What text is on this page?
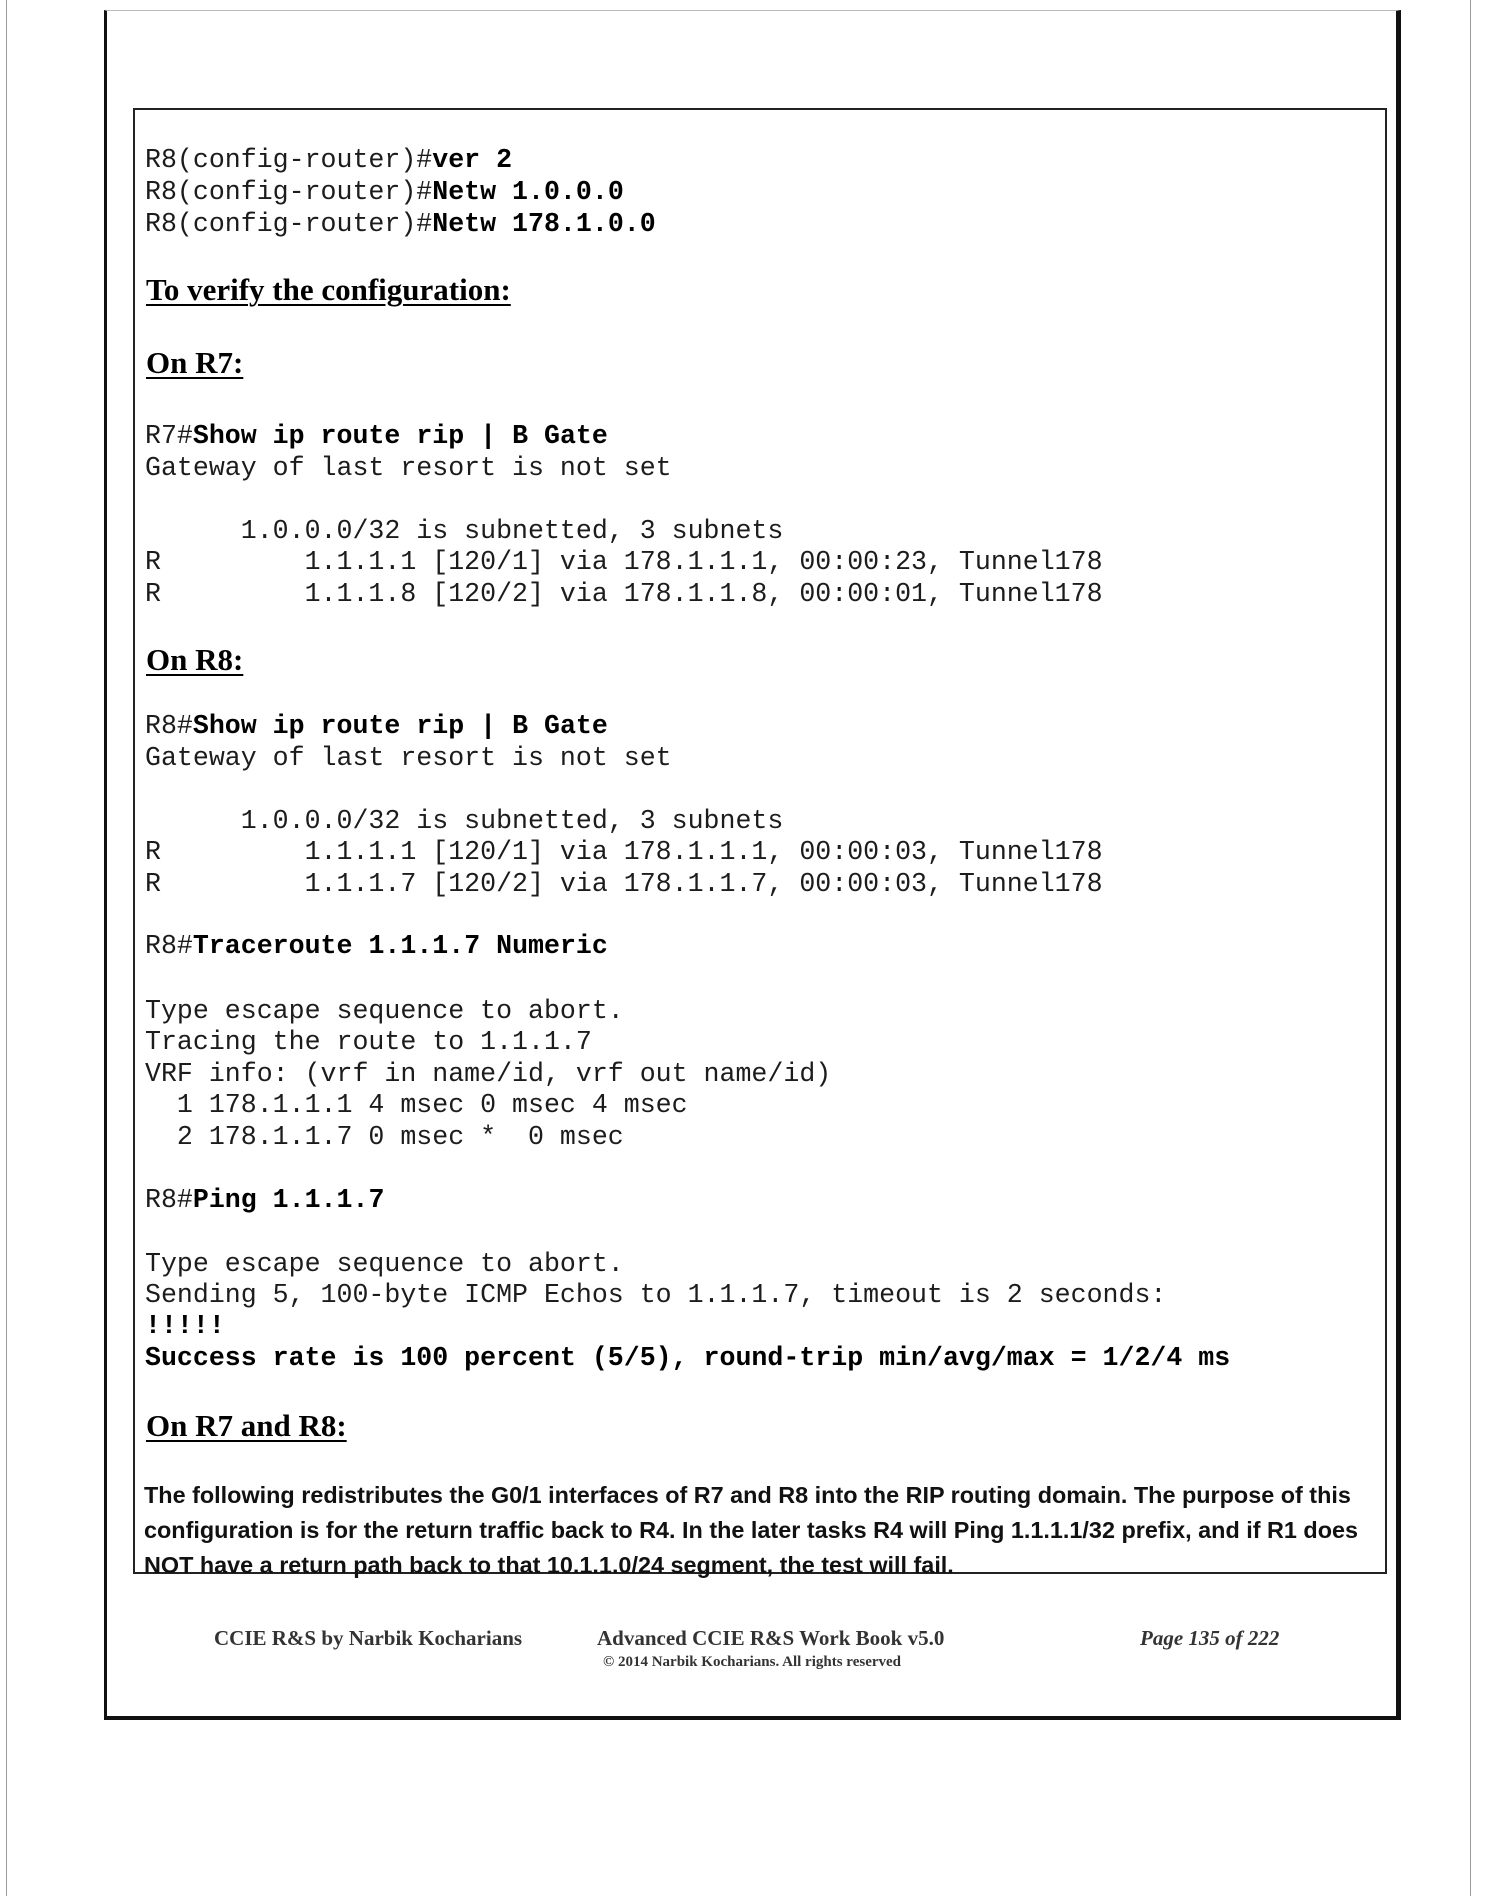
R8(config-router)#ver 2
R8(config-router)#Netw 1.0.0.0
R8(config-router)#Netw 178.1.0.0
To verify the configuration:
On R7:
R7#Show ip route rip | B Gate
Gateway of last resort is not set
1.0.0.0/32 is subnetted, 3 subnets
R         1.1.1.1 [120/1] via 178.1.1.1, 00:00:23, Tunnel178
R         1.1.1.8 [120/2] via 178.1.1.8, 00:00:01, Tunnel178
On R8:
R8#Show ip route rip | B Gate
Gateway of last resort is not set
1.0.0.0/32 is subnetted, 3 subnets
R         1.1.1.1 [120/1] via 178.1.1.1, 00:00:03, Tunnel178
R         1.1.1.7 [120/2] via 178.1.1.7, 00:00:03, Tunnel178
R8#Traceroute 1.1.1.7 Numeric
Type escape sequence to abort.
Tracing the route to 1.1.1.7
VRF info: (vrf in name/id, vrf out name/id)
1 178.1.1.1 4 msec 0 msec 4 msec
2 178.1.1.7 0 msec *  0 msec
R8#Ping 1.1.1.7
Type escape sequence to abort.
Sending 5, 100-byte ICMP Echos to 1.1.1.7, timeout is 2 seconds:
!!!!!
Success rate is 100 percent (5/5), round-trip min/avg/max = 1/2/4 ms
On R7 and R8:

The following redistributes the G0/1 interfaces of R7 and R8 into the RIP routing domain. The purpose of this configuration is for the return traffic back to R4. In the later tasks R4 will Ping 1.1.1.1/32 prefix, and if R1 does NOT have a return path back to that 10.1.1.0/24 segment, the test will fail.

CCIE R&S by Narbik Kocharians	Advanced CCIE R&S Work Book v5.0
© 2014 Narbik Kocharians. All rights reserved
Page 135 of 222
